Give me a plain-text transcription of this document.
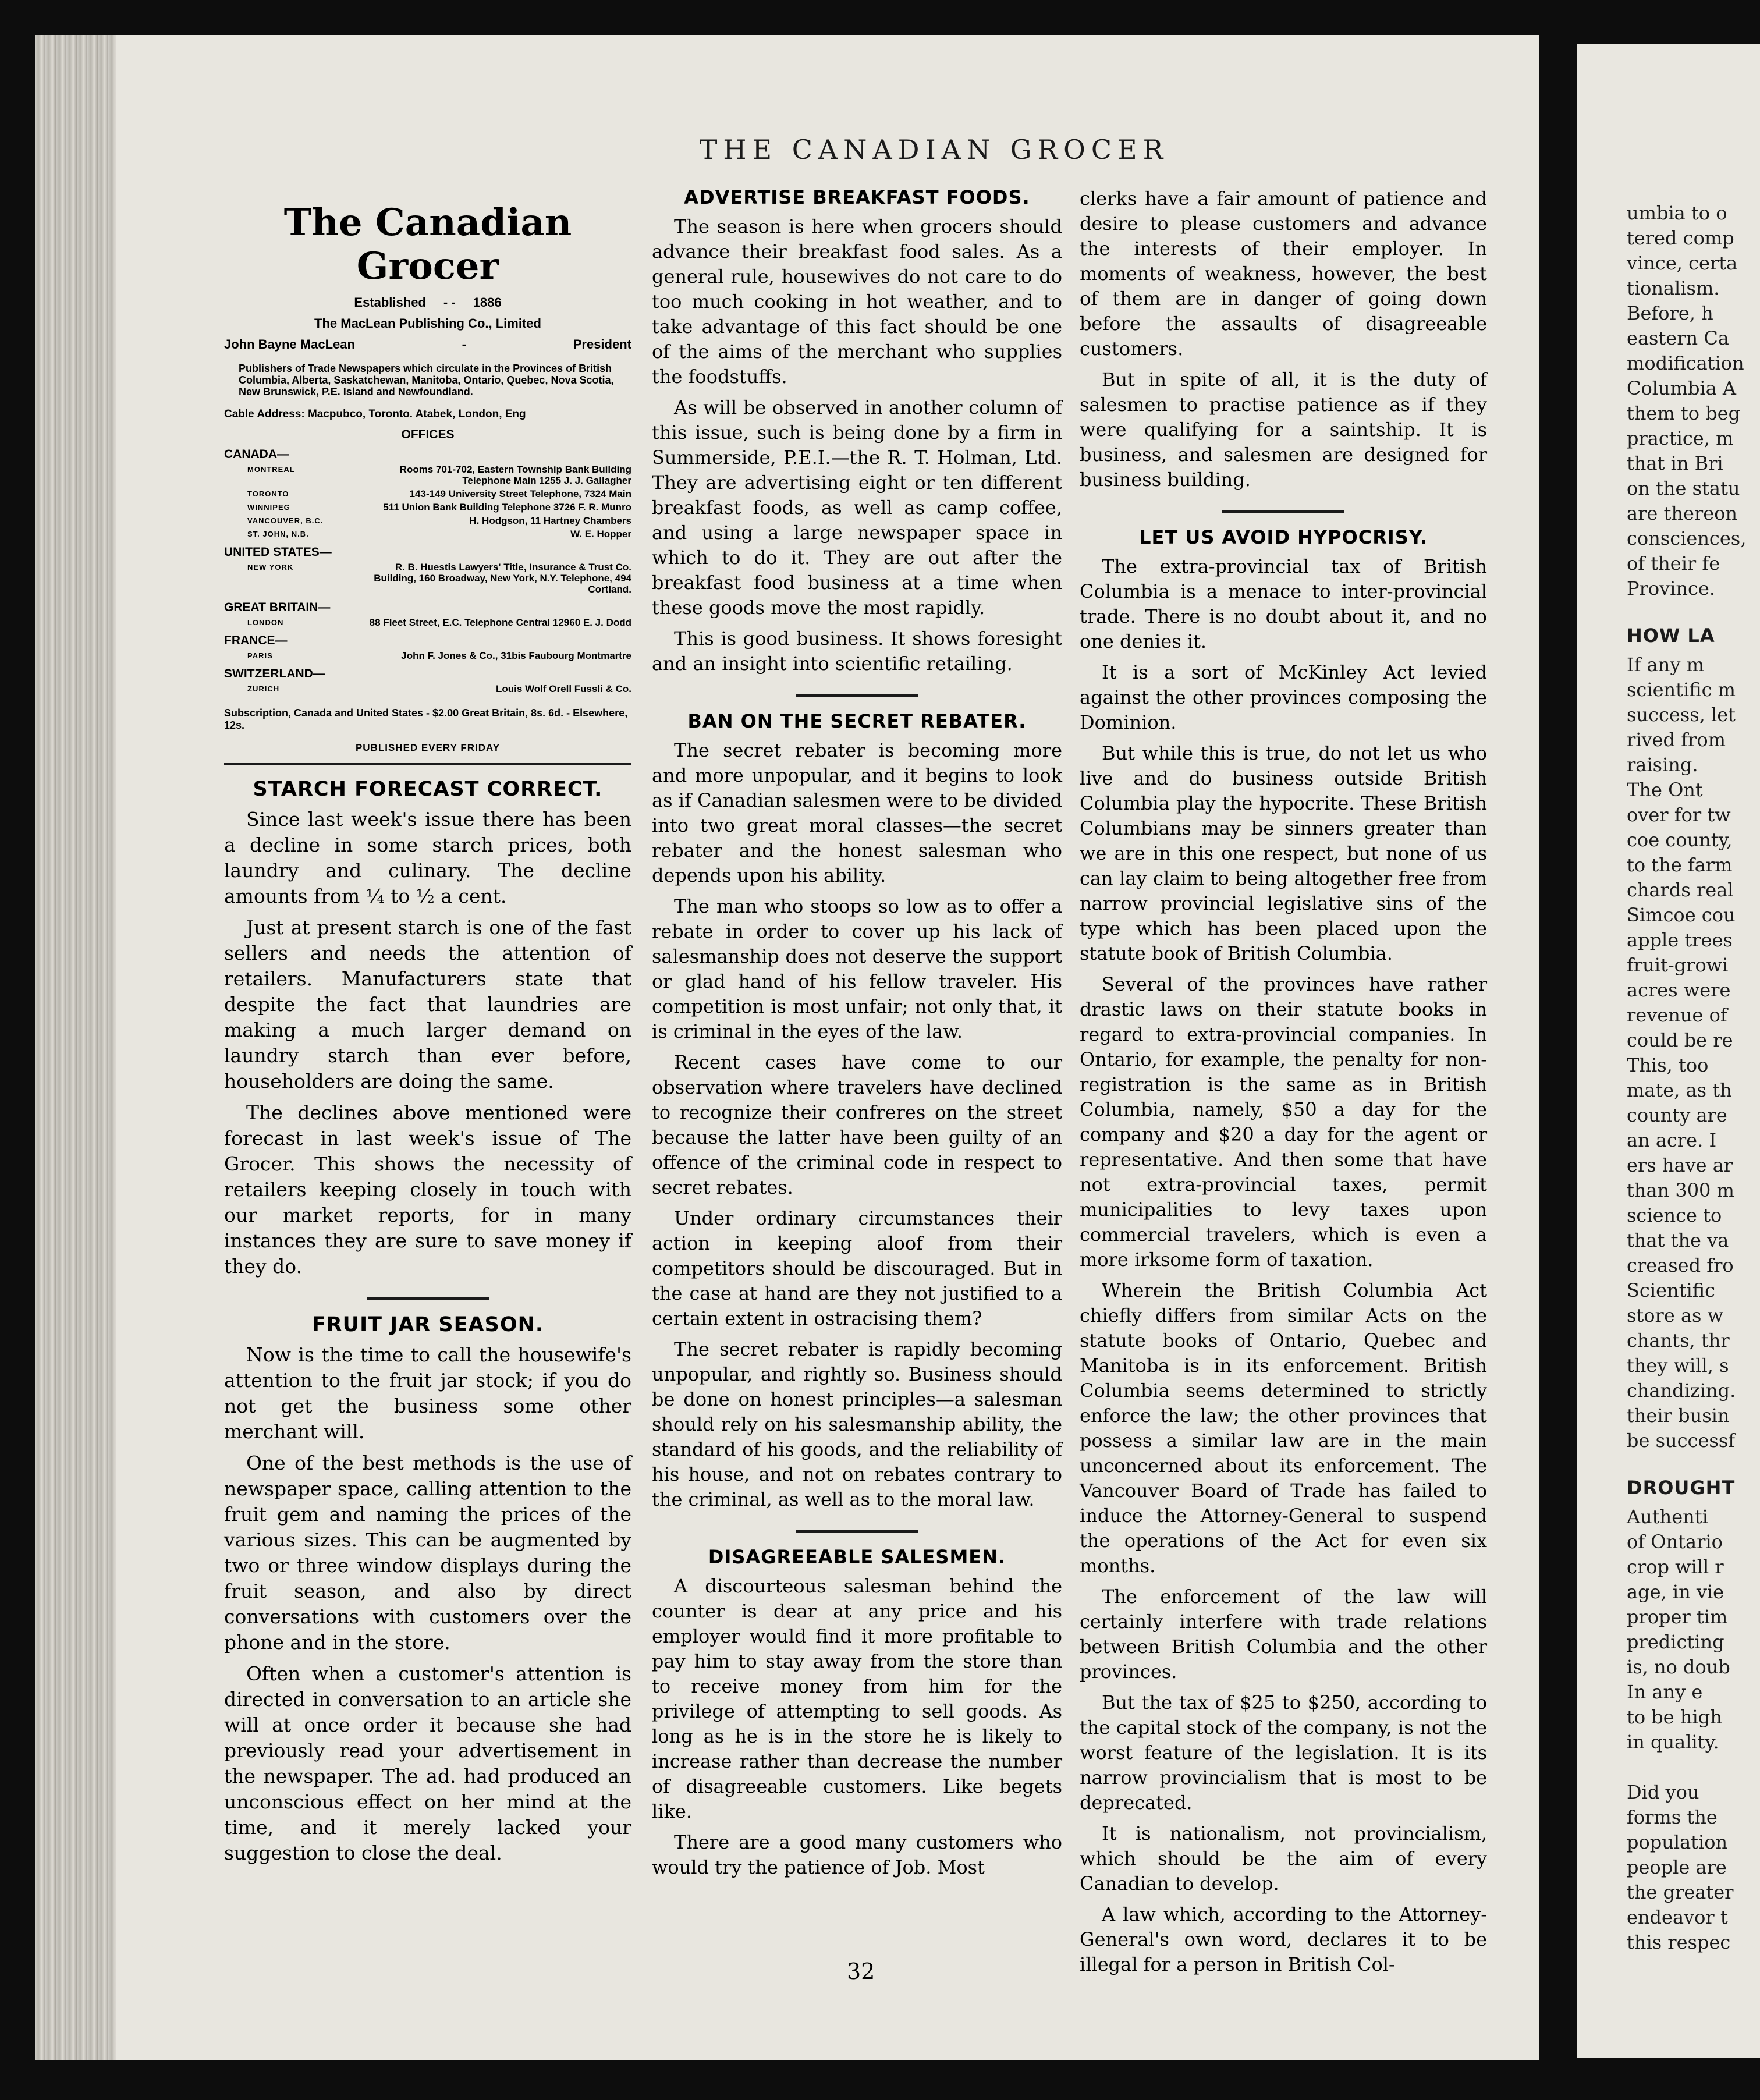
THE CANADIAN GROCER
The Canadian Grocer
Established - - 1886
The MacLean Publishing Co., Limited
John Bayne MacLean	-	President
Publishers of Trade Newspapers which circulate in the Provinces of British Columbia, Alberta, Saskatchewan, Manitoba, Ontario, Quebec, Nova Scotia, New Brunswick, P.E. Island and Newfoundland.
Cable Address: Macpubco, Toronto. Atabek, London, Eng
OFFICES
CANADA—
MONTREAL	Rooms 701-702, Eastern Township Bank Building Telephone Main 1255 J. J. Gallagher
TORONTO	143-149 University Street Telephone, 7324 Main
WINNIPEG	511 Union Bank Building Telephone 3726 F. R. Munro
VANCOUVER, B.C.	H. Hodgson, 11 Hartney Chambers
ST. JOHN, N.B.	W. E. Hopper
UNITED STATES—
NEW YORK	R. B. Huestis Lawyers' Title, Insurance & Trust Co. Building, 160 Broadway, New York, N.Y. Telephone, 494 Cortland.
GREAT BRITAIN—
LONDON	88 Fleet Street, E.C. Telephone Central 12960 E. J. Dodd
FRANCE—
PARIS	John F. Jones & Co., 31bis Faubourg Montmartre
SWITZERLAND—
ZURICH	Louis Wolf Orell Fussli & Co.
Subscription, Canada and United States - $2.00 Great Britain, 8s. 6d. - Elsewhere, 12s.
PUBLISHED EVERY FRIDAY
STARCH FORECAST CORRECT.

Since last week's issue there has been a decline in some starch prices, both laundry and culinary. The decline amounts from ¼ to ½ a cent.

Just at present starch is one of the fast sellers and needs the attention of retailers. Manufacturers state that despite the fact that laundries are making a much larger demand on laundry starch than ever before, householders are doing the same.

The declines above mentioned were forecast in last week's issue of The Grocer. This shows the necessity of retailers keeping closely in touch with our market reports, for in many instances they are sure to save money if they do.

FRUIT JAR SEASON.

Now is the time to call the housewife's attention to the fruit jar stock; if you do not get the business some other merchant will.

One of the best methods is the use of newspaper space, calling attention to the fruit gem and naming the prices of the various sizes. This can be augmented by two or three window displays during the fruit season, and also by direct conversations with customers over the phone and in the store.

Often when a customer's attention is directed in conversation to an article she will at once order it because she had previously read your advertisement in the newspaper. The ad. had produced an unconscious effect on her mind at the time, and it merely lacked your suggestion to close the deal.

ADVERTISE BREAKFAST FOODS.

The season is here when grocers should advance their breakfast food sales. As a general rule, housewives do not care to do too much cooking in hot weather, and to take advantage of this fact should be one of the aims of the merchant who supplies the foodstuffs.

As will be observed in another column of this issue, such is being done by a firm in Summerside, P.E.I.—the R. T. Holman, Ltd. They are advertising eight or ten different breakfast foods, as well as camp coffee, and using a large newspaper space in which to do it. They are out after the breakfast food business at a time when these goods move the most rapidly.

This is good business. It shows foresight and an insight into scientific retailing.

BAN ON THE SECRET REBATER.

The secret rebater is becoming more and more unpopular, and it begins to look as if Canadian salesmen were to be divided into two great moral classes—the secret rebater and the honest salesman who depends upon his ability.

The man who stoops so low as to offer a rebate in order to cover up his lack of salesmanship does not deserve the support or glad hand of his fellow traveler. His competition is most unfair; not only that, it is criminal in the eyes of the law.

Recent cases have come to our observation where travelers have declined to recognize their confreres on the street because the latter have been guilty of an offence of the criminal code in respect to secret rebates.

Under ordinary circumstances their action in keeping aloof from their competitors should be discouraged. But in the case at hand are they not justified to a certain extent in ostracising them?

The secret rebater is rapidly becoming unpopular, and rightly so. Business should be done on honest principles—a salesman should rely on his salesmanship ability, the standard of his goods, and the reliability of his house, and not on rebates contrary to the criminal, as well as to the moral law.

DISAGREEABLE SALESMEN.

A discourteous salesman behind the counter is dear at any price and his employer would find it more profitable to pay him to stay away from the store than to receive money from him for the privilege of attempting to sell goods. As long as he is in the store he is likely to increase rather than decrease the number of disagreeable customers. Like begets like.

There are a good many customers who would try the patience of Job. Most

clerks have a fair amount of patience and desire to please customers and advance the interests of their employer. In moments of weakness, however, the best of them are in danger of going down before the assaults of disagreeable customers.

But in spite of all, it is the duty of salesmen to practise patience as if they were qualifying for a saintship. It is business, and salesmen are designed for business building.

LET US AVOID HYPOCRISY.

The extra-provincial tax of British Columbia is a menace to inter-provincial trade. There is no doubt about it, and no one denies it.

It is a sort of McKinley Act levied against the other provinces composing the Dominion.

But while this is true, do not let us who live and do business outside British Columbia play the hypocrite. These British Columbians may be sinners greater than we are in this one respect, but none of us can lay claim to being altogether free from narrow provincial legislative sins of the type which has been placed upon the statute book of British Columbia.

Several of the provinces have rather drastic laws on their statute books in regard to extra-provincial companies. In Ontario, for example, the penalty for non-registration is the same as in British Columbia, namely, $50 a day for the company and $20 a day for the agent or representative. And then some that have not extra-provincial taxes, permit municipalities to levy taxes upon commercial travelers, which is even a more irksome form of taxation.

Wherein the British Columbia Act chiefly differs from similar Acts on the statute books of Ontario, Quebec and Manitoba is in its enforcement. British Columbia seems determined to strictly enforce the law; the other provinces that possess a similar law are in the main unconcerned about its enforcement. The Vancouver Board of Trade has failed to induce the Attorney-General to suspend the operations of the Act for even six months.

The enforcement of the law will certainly interfere with trade relations between British Columbia and the other provinces.

But the tax of $25 to $250, according to the capital stock of the company, is not the worst feature of the legislation. It is its narrow provincialism that is most to be deprecated.

It is nationalism, not provincialism, which should be the aim of every Canadian to develop.

A law which, according to the Attorney-General's own word, declares it to be illegal for a person in British Col-

32
umbia to o
tered comp
vince, certa
tionalism.
Before, h
eastern Ca
modification
Columbia A
them to beg
practice, m
that in Bri
on the statu
are thereon
consciences,
of their fe
Province.
HOW LA
If any m
scientific m
success, let
rived from
raising.
The Ont
over for tw
coe county,
to the farm
chards real
Simcoe cou
apple trees
fruit-growi
acres were
revenue of
could be re
This, too
mate, as th
county are
an acre. I
ers have ar
than 300 m
science to
that the va
creased fro
Scientific
store as w
chants, thr
they will, s
chandizing.
their busin
be successf
DROUGHT
Authenti
of Ontario
crop will r
age, in vie
proper tim
predicting
is, no doub
In any e
to be high
in quality.

Did you
forms the
population
people are
the greater
endeavor t
this respec
